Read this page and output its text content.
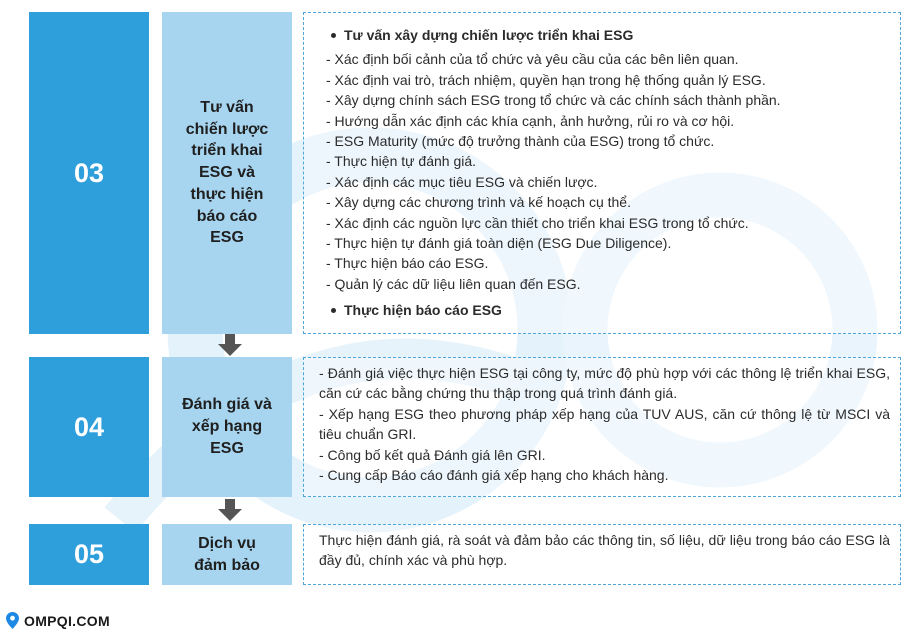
03
Tư vấn
chiến lược
triển khai
ESG và
thực hiện
báo cáo
ESG
Tư vấn xây dựng chiến lược triển khai ESG
- Xác định bối cảnh của tổ chức và yêu cầu của các bên liên quan.
- Xác định vai trò, trách nhiệm, quyền hạn trong hệ thống quản lý ESG.
- Xây dựng chính sách ESG trong tổ chức và các chính sách thành phần.
- Hướng dẫn xác định các khía cạnh, ảnh hưởng, rủi ro và cơ hội.
- ESG Maturity (mức độ trưởng thành của ESG) trong tổ chức.
- Thực hiện tự đánh giá.
- Xác định các mục tiêu ESG và chiến lược.
- Xây dựng các chương trình và kế hoạch cụ thể.
- Xác định các nguồn lực cần thiết cho triển khai ESG trong tổ chức.
- Thực hiện tự đánh giá toàn diện (ESG Due Diligence).
- Thực hiện báo cáo ESG.
- Quản lý các dữ liệu liên quan đến ESG.
Thực hiện báo cáo ESG
04
Đánh giá và
xếp hạng
ESG
- Đánh giá việc thực hiện ESG tại công ty, mức độ phù hợp với các thông lệ triển khai ESG, căn cứ các bằng chứng thu thập trong quá trình đánh giá.
- Xếp hạng ESG theo phương pháp xếp hạng của TUV AUS, căn cứ thông lệ từ MSCI và tiêu chuẩn GRI.
- Công bố kết quả Đánh giá lên GRI.
- Cung cấp Báo cáo đánh giá xếp hạng cho khách hàng.
05	Dịch vụ
đảm bảo
Thực hiện đánh giá, rà soát và đảm bảo các thông tin, số liệu, dữ liệu trong báo cáo ESG là đầy đủ, chính xác và phù hợp.
OMPQI.COM
